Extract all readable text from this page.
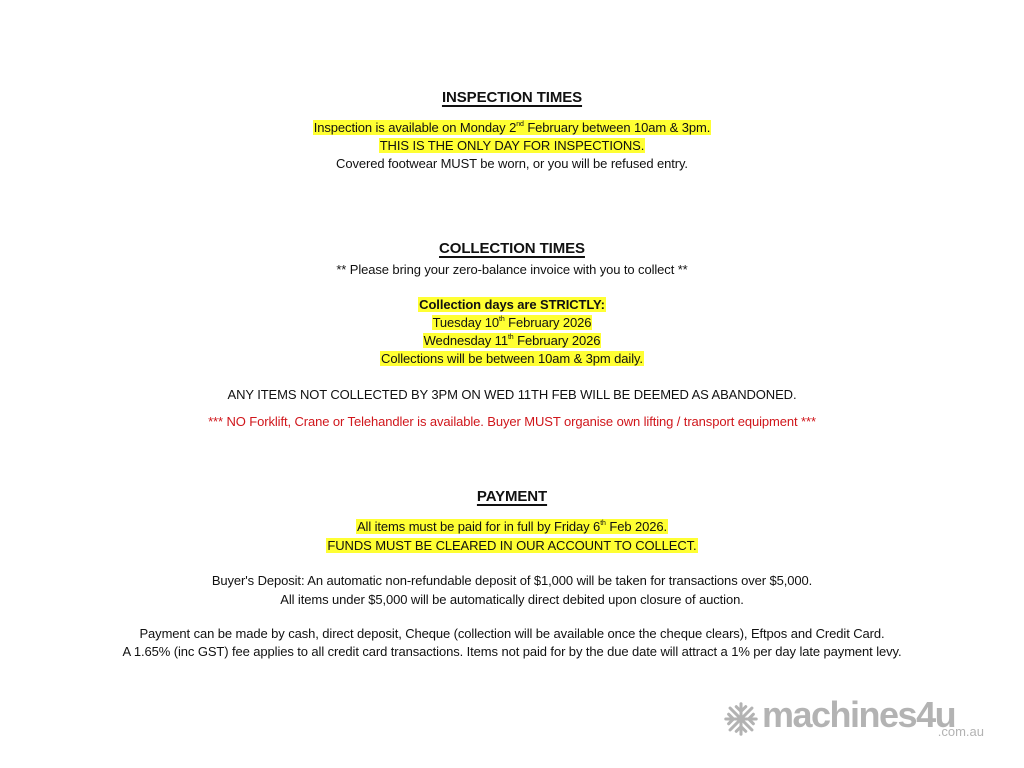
INSPECTION TIMES
Inspection is available on Monday 2nd February between 10am & 3pm.
THIS IS THE ONLY DAY FOR INSPECTIONS.
Covered footwear MUST be worn, or you will be refused entry.
COLLECTION TIMES
** Please bring your zero-balance invoice with you to collect **
Collection days are STRICTLY:
Tuesday 10th February 2026
Wednesday 11th February 2026
Collections will be between 10am & 3pm daily.
ANY ITEMS NOT COLLECTED BY 3PM ON WED 11TH FEB WILL BE DEEMED AS ABANDONED.
*** NO Forklift, Crane or Telehandler is available. Buyer MUST organise own lifting / transport equipment ***
PAYMENT
All items must be paid for in full by Friday 6th Feb 2026.
FUNDS MUST BE CLEARED IN OUR ACCOUNT TO COLLECT.
Buyer's Deposit: An automatic non-refundable deposit of $1,000 will be taken for transactions over $5,000.
All items under $5,000 will be automatically direct debited upon closure of auction.
Payment can be made by cash, direct deposit, Cheque (collection will be available once the cheque clears), Eftpos and Credit Card.
A 1.65% (inc GST) fee applies to all credit card transactions. Items not paid for by the due date will attract a 1% per day late payment levy.
machines4u
.com.au
